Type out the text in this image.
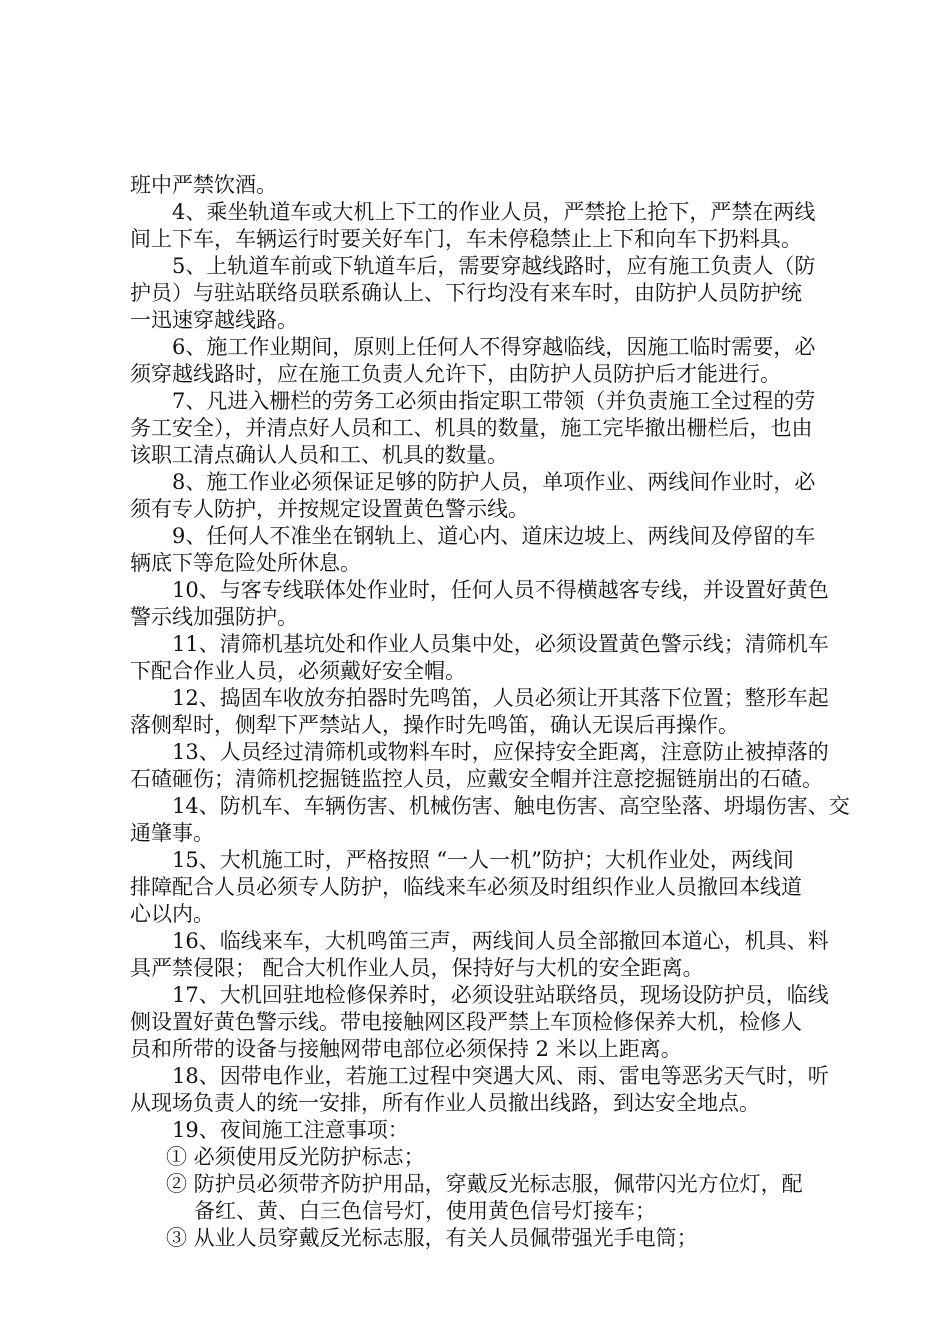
班中严禁饮酒。
4、乘坐轨道车或大机上下工的作业人员，严禁抢上抢下，严禁在两线
间上下车，车辆运行时要关好车门，车未停稳禁止上下和向车下扔料具。
5、上轨道车前或下轨道车后，需要穿越线路时，应有施工负责人（防
护员）与驻站联络员联系确认上、下行均没有来车时，由防护人员防护统
一迅速穿越线路。
6、施工作业期间，原则上任何人不得穿越临线，因施工临时需要，必
须穿越线路时，应在施工负责人允许下，由防护人员防护后才能进行。
7、凡进入栅栏的劳务工必须由指定职工带领（并负责施工全过程的劳
务工安全），并清点好人员和工、机具的数量，施工完毕撤出栅栏后，也由
该职工清点确认人员和工、机具的数量。
8、施工作业必须保证足够的防护人员，单项作业、两线间作业时，必
须有专人防护，并按规定设置黄色警示线。
9、任何人不准坐在钢轨上、道心内、道床边坡上、两线间及停留的车
辆底下等危险处所休息。
10、与客专线联体处作业时，任何人员不得横越客专线，并设置好黄色
警示线加强防护。
11、清筛机基坑处和作业人员集中处，必须设置黄色警示线；清筛机车
下配合作业人员，必须戴好安全帽。
12、捣固车收放夯拍器时先鸣笛，人员必须让开其落下位置；整形车起
落侧犁时，侧犁下严禁站人，操作时先鸣笛，确认无误后再操作。
13、人员经过清筛机或物料车时，应保持安全距离，注意防止被掉落的
石碴砸伤；清筛机挖掘链监控人员，应戴安全帽并注意挖掘链崩出的石碴。
14、防机车、车辆伤害、机械伤害、触电伤害、高空坠落、坍塌伤害、交
通肇事。
15、大机施工时，严格按照 “一人一机”防护；大机作业处，两线间
排障配合人员必须专人防护，临线来车必须及时组织作业人员撤回本线道
心以内。
16、临线来车，大机鸣笛三声，两线间人员全部撤回本道心，机具、料
具严禁侵限； 配合大机作业人员，保持好与大机的安全距离。
17、大机回驻地检修保养时，必须设驻站联络员，现场设防护员，临线
侧设置好黄色警示线。带电接触网区段严禁上车顶检修保养大机，检修人
员和所带的设备与接触网带电部位必须保持 2 米以上距离。
18、因带电作业，若施工过程中突遇大风、雨、雷电等恶劣天气时，听
从现场负责人的统一安排，所有作业人员撤出线路，到达安全地点。
19、夜间施工注意事项：
① 必须使用反光防护标志；
② 防护员必须带齐防护用品，穿戴反光标志服，佩带闪光方位灯，配
备红、黄、白三色信号灯，使用黄色信号灯接车；
③ 从业人员穿戴反光标志服，有关人员佩带强光手电筒；
